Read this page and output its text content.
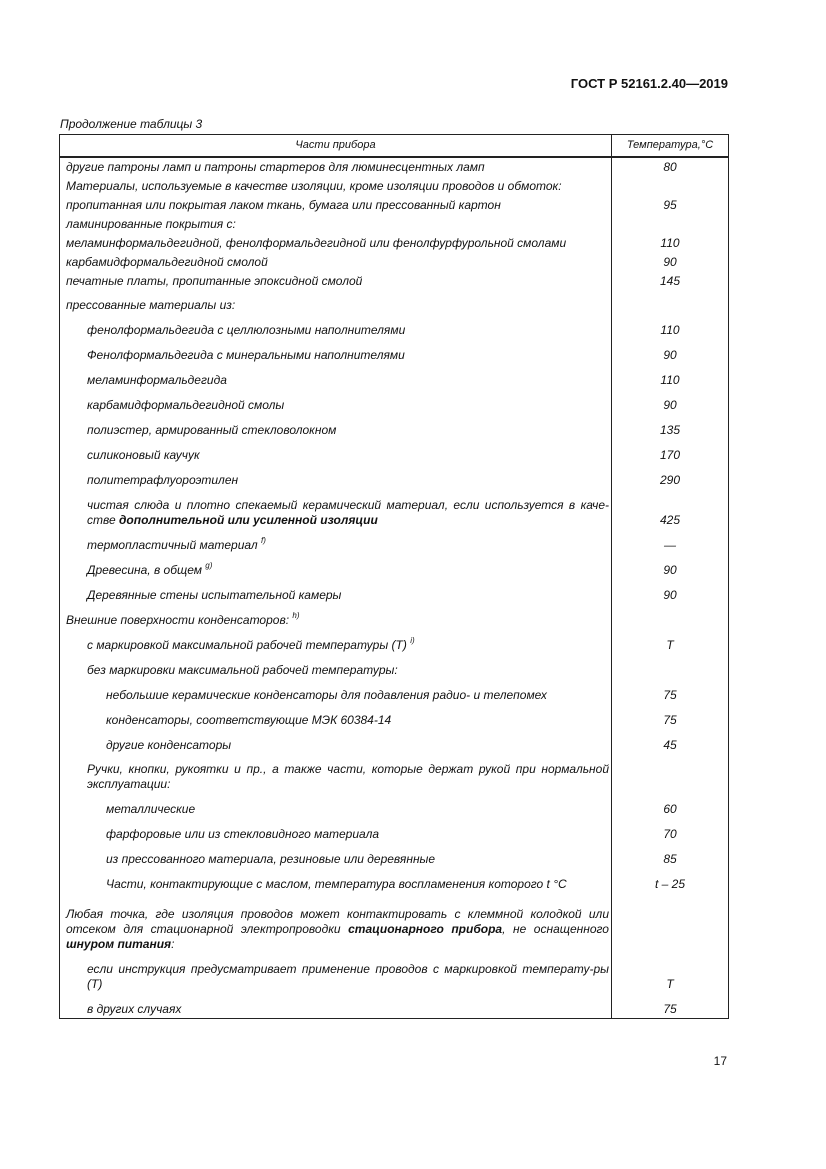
ГОСТ Р 52161.2.40—2019
Продолжение таблицы 3
Части прибора	Температура,°С
другие патроны ламп и патроны стартеров для люминесцентных ламп	80
Материалы, используемые в качестве изоляции, кроме изоляции проводов и обмоток:	
пропитанная или покрытая лаком ткань, бумага или прессованный картон	95
ламинированные покрытия с:	
меламинформальдегидной, фенолформальдегидной или фенолфурфурольной смолами	110
карбамидформальдегидной смолой	90
печатные платы, пропитанные эпоксидной смолой	145
прессованные материалы из:	
фенолформальдегида с целлюлозными наполнителями	110
Фенолформальдегида с минеральными наполнителями	90
меламинформальдегида	110
карбамидформальдегидной смолы	90
полиэстер, армированный стекловолокном	135
силиконовый каучук	170
политетрафлуороэтилен	290
чистая слюда и плотно спекаемый керамический материал, если используется в каче-стве дополнительной или усиленной изоляции	425
термопластичный материал $^{f)}$	—
Древесина, в общем $^{g)}$	90
Деревянные стены испытательной камеры	90
Внешние поверхности конденсаторов: $^{h)}$	
с маркировкой максимальной рабочей температуры (Т) $^{i)}$	Т
без маркировки максимальной рабочей температуры:	
небольшие керамические конденсаторы для подавления радио- и телепомех	75
конденсаторы, соответствующие МЭК 60384-14	75
другие конденсаторы	45
Ручки, кнопки, рукоятки и пр., а также части, которые держат рукой при нормальной эксплуатации:	
металлические	60
фарфоровые или из стекловидного материала	70
из прессованного материала, резиновые или деревянные	85
Части, контактирующие с маслом, температура воспламенения которого t °С	t – 25
Любая точка, где изоляция проводов может контактировать с клеммной колодкой или отсеком для стационарной электропроводки стационарного прибора, не оснащенного шнуром питания:	
если инструкция предусматривает применение проводов с маркировкой температу-ры (Т)	Т
в других случаях	75
17
